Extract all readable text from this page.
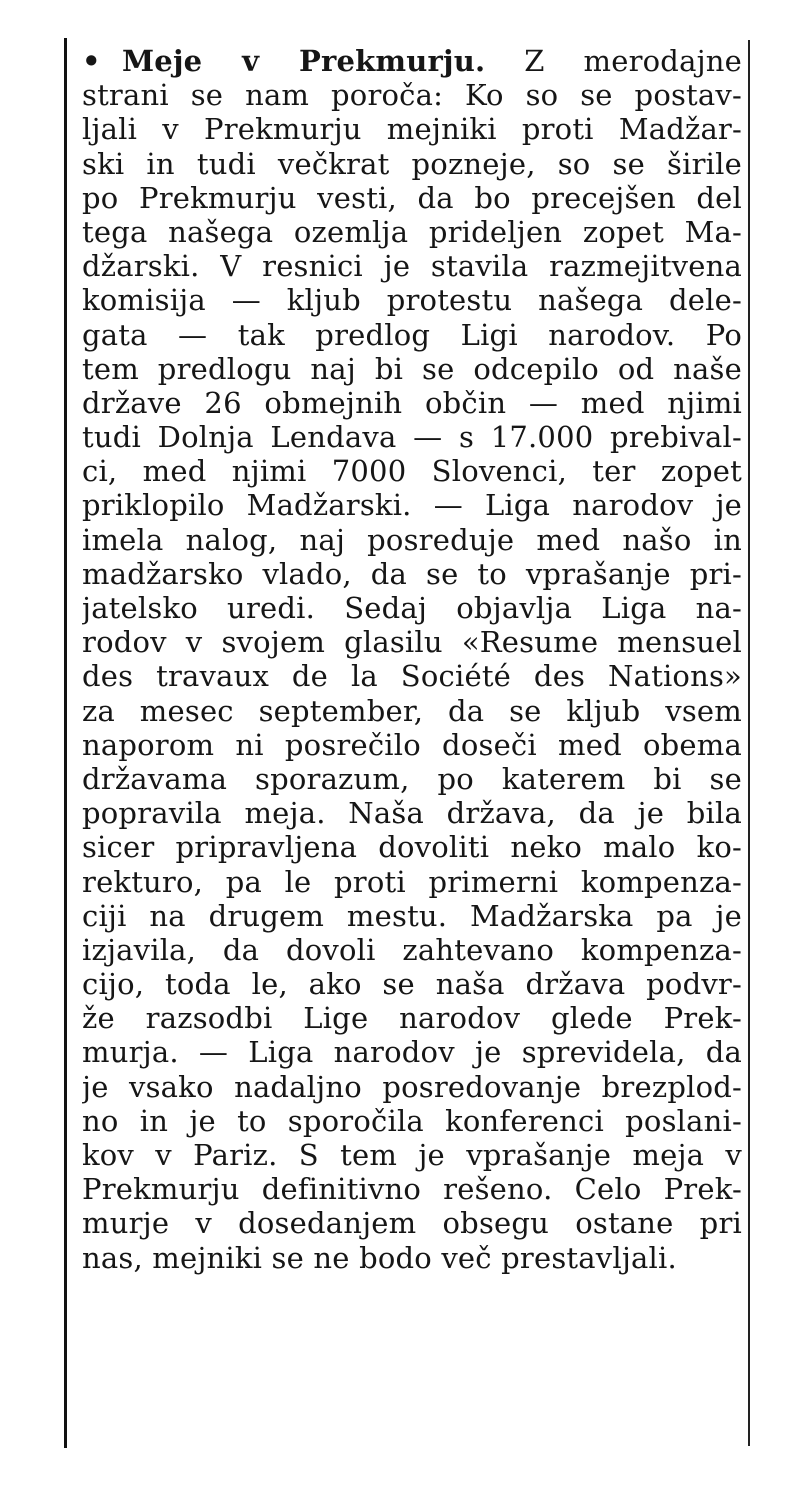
• Meje v Prekmurju. Z merodajne
strani se nam poroča: Ko so se postav-
ljali v Prekmurju mejniki proti Madžar-
ski in tudi večkrat pozneje, so se širile
po Prekmurju vesti, da bo precejšen del
tega našega ozemlja prideljen zopet Ma-
džarski. V resnici je stavila razmejitvena
komisija — kljub protestu našega dele-
gata — tak predlog Ligi narodov. Po
tem predlogu naj bi se odcepilo od naše
države 26 obmejnih občin — med njimi
tudi Dolnja Lendava — s 17.000 prebival-
ci, med njimi 7000 Slovenci, ter zopet
priklopilo Madžarski. — Liga narodov je
imela nalog, naj posreduje med našo in
madžarsko vlado, da se to vprašanje pri-
jatelsko uredi. Sedaj objavlja Liga na-
rodov v svojem glasilu «Resume mensuel
des travaux de la Société des Nations»
za mesec september, da se kljub vsem
naporom ni posrečilo doseči med obema
državama sporazum, po katerem bi se
popravila meja. Naša država, da je bila
sicer pripravljena dovoliti neko malo ko-
rekturo, pa le proti primerni kompenza-
ciji na drugem mestu. Madžarska pa je
izjavila, da dovoli zahtevano kompenza-
cijo, toda le, ako se naša država podvr-
že razsodbi Lige narodov glede Prek-
murja. — Liga narodov je sprevidela, da
je vsako nadaljno posredovanje brezplod-
no in je to sporočila konferenci poslani-
kov v Pariz. S tem je vprašanje meja v
Prekmurju definitivno rešeno. Celo Prek-
murje v dosedanjem obsegu ostane pri
nas, mejniki se ne bodo več prestavljali.
